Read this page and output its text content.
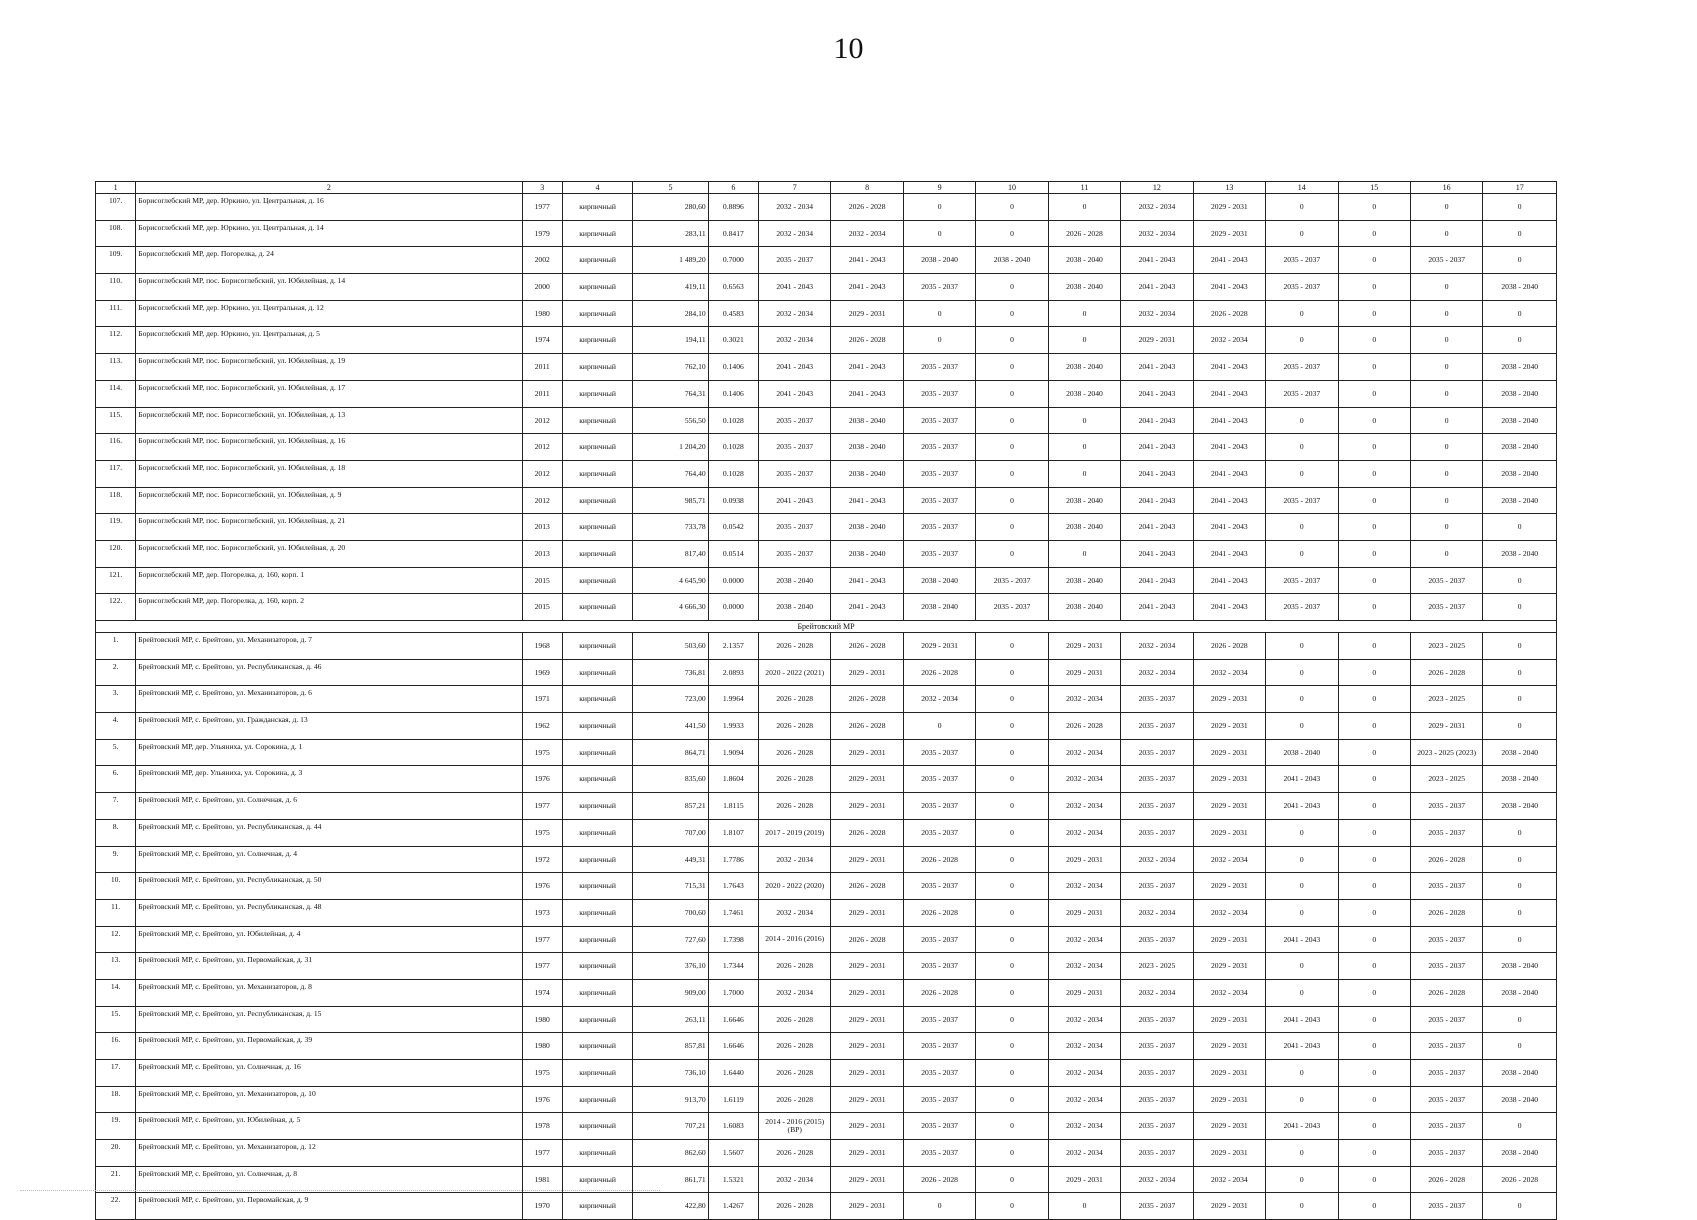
10
1	2	3	4	5	6	7	8	9	10	11	12	13	14	15	16	17
107.	Борисоглебский МР, дер. Юркино, ул. Центральная, д. 16	1977	кирпичный	280,60	0.8896	2032 - 2034	2026 - 2028	0	0	0	2032 - 2034	2029 - 2031	0	0	0	0
108.	Борисоглебский МР, дер. Юркино, ул. Центральная, д. 14	1979	кирпичный	283,11	0.8417	2032 - 2034	2032 - 2034	0	0	2026 - 2028	2032 - 2034	2029 - 2031	0	0	0	0
109.	Борисоглебский МР, дер. Погорелка, д. 24	2002	кирпичный	1 489,20	0.7000	2035 - 2037	2041 - 2043	2038 - 2040	2038 - 2040	2038 - 2040	2041 - 2043	2041 - 2043	2035 - 2037	0	2035 - 2037	0
110.	Борисоглебский МР, пос. Борисоглебский, ул. Юбилейная, д. 14	2000	кирпичный	419,11	0.6563	2041 - 2043	2041 - 2043	2035 - 2037	0	2038 - 2040	2041 - 2043	2041 - 2043	2035 - 2037	0	0	2038 - 2040
111.	Борисоглебский МР, дер. Юркино, ул. Центральная, д. 12	1980	кирпичный	284,10	0.4583	2032 - 2034	2029 - 2031	0	0	0	2032 - 2034	2026 - 2028	0	0	0	0
112.	Борисоглебский МР, дер. Юркино, ул. Центральная, д. 5	1974	кирпичный	194,11	0.3021	2032 - 2034	2026 - 2028	0	0	0	2029 - 2031	2032 - 2034	0	0	0	0
113.	Борисоглебский МР, пос. Борисоглебский, ул. Юбилейная, д. 19	2011	кирпичный	762,10	0.1406	2041 - 2043	2041 - 2043	2035 - 2037	0	2038 - 2040	2041 - 2043	2041 - 2043	2035 - 2037	0	0	2038 - 2040
114.	Борисоглебский МР, пос. Борисоглебский, ул. Юбилейная, д. 17	2011	кирпичный	764,31	0.1406	2041 - 2043	2041 - 2043	2035 - 2037	0	2038 - 2040	2041 - 2043	2041 - 2043	2035 - 2037	0	0	2038 - 2040
115.	Борисоглебский МР, пос. Борисоглебский, ул. Юбилейная, д. 13	2012	кирпичный	556,50	0.1028	2035 - 2037	2038 - 2040	2035 - 2037	0	0	2041 - 2043	2041 - 2043	0	0	0	2038 - 2040
116.	Борисоглебский МР, пос. Борисоглебский, ул. Юбилейная, д. 16	2012	кирпичный	1 204,20	0.1028	2035 - 2037	2038 - 2040	2035 - 2037	0	0	2041 - 2043	2041 - 2043	0	0	0	2038 - 2040
117.	Борисоглебский МР, пос. Борисоглебский, ул. Юбилейная, д. 18	2012	кирпичный	764,40	0.1028	2035 - 2037	2038 - 2040	2035 - 2037	0	0	2041 - 2043	2041 - 2043	0	0	0	2038 - 2040
118.	Борисоглебский МР, пос. Борисоглебский, ул. Юбилейная, д. 9	2012	кирпичный	985,71	0.0938	2041 - 2043	2041 - 2043	2035 - 2037	0	2038 - 2040	2041 - 2043	2041 - 2043	2035 - 2037	0	0	2038 - 2040
119.	Борисоглебский МР, пос. Борисоглебский, ул. Юбилейная, д. 21	2013	кирпичный	733,78	0.0542	2035 - 2037	2038 - 2040	2035 - 2037	0	2038 - 2040	2041 - 2043	2041 - 2043	0	0	0	0
120.	Борисоглебский МР, пос. Борисоглебский, ул. Юбилейная, д. 20	2013	кирпичный	817,40	0.0514	2035 - 2037	2038 - 2040	2035 - 2037	0	0	2041 - 2043	2041 - 2043	0	0	0	2038 - 2040
121.	Борисоглебский МР, дер. Погорелка, д. 160, корп. 1	2015	кирпичный	4 645,90	0.0000	2038 - 2040	2041 - 2043	2038 - 2040	2035 - 2037	2038 - 2040	2041 - 2043	2041 - 2043	2035 - 2037	0	2035 - 2037	0
122.	Борисоглебский МР, дер. Погорелка, д. 160, корп. 2	2015	кирпичный	4 666,30	0.0000	2038 - 2040	2041 - 2043	2038 - 2040	2035 - 2037	2038 - 2040	2041 - 2043	2041 - 2043	2035 - 2037	0	2035 - 2037	0
Брейтовский МР																
1.	Брейтовский МР, с. Брейтово, ул. Механизаторов, д. 7	1968	кирпичный	503,60	2.1357	2026 - 2028	2026 - 2028	2029 - 2031	0	2029 - 2031	2032 - 2034	2026 - 2028	0	0	2023 - 2025	0
2.	Брейтовский МР, с. Брейтово, ул. Республиканская, д. 46	1969	кирпичный	736,81	2.0893	2020 - 2022 (2021)	2029 - 2031	2026 - 2028	0	2029 - 2031	2032 - 2034	2032 - 2034	0	0	2026 - 2028	0
3.	Брейтовский МР, с. Брейтово, ул. Механизаторов, д. 6	1971	кирпичный	723,00	1.9964	2026 - 2028	2026 - 2028	2032 - 2034	0	2032 - 2034	2035 - 2037	2029 - 2031	0	0	2023 - 2025	0
4.	Брейтовский МР, с. Брейтово, ул. Гражданская, д. 13	1962	кирпичный	441,50	1.9933	2026 - 2028	2026 - 2028	0	0	2026 - 2028	2035 - 2037	2029 - 2031	0	0	2029 - 2031	0
5.	Брейтовский МР, дер. Ульяниха, ул. Сорокина, д. 1	1975	кирпичный	864,71	1.9094	2026 - 2028	2029 - 2031	2035 - 2037	0	2032 - 2034	2035 - 2037	2029 - 2031	2038 - 2040	0	2023 - 2025 (2023)	2038 - 2040
6.	Брейтовский МР, дер. Ульяниха, ул. Сорокина, д. 3	1976	кирпичный	835,60	1.8604	2026 - 2028	2029 - 2031	2035 - 2037	0	2032 - 2034	2035 - 2037	2029 - 2031	2041 - 2043	0	2023 - 2025	2038 - 2040
7.	Брейтовский МР, с. Брейтово, ул. Солнечная, д. 6	1977	кирпичный	857,21	1.8115	2026 - 2028	2029 - 2031	2035 - 2037	0	2032 - 2034	2035 - 2037	2029 - 2031	2041 - 2043	0	2035 - 2037	2038 - 2040
8.	Брейтовский МР, с. Брейтово, ул. Республиканская, д. 44	1975	кирпичный	707,00	1.8107	2017 - 2019 (2019)	2026 - 2028	2035 - 2037	0	2032 - 2034	2035 - 2037	2029 - 2031	0	0	2035 - 2037	0
9.	Брейтовский МР, с. Брейтово, ул. Солнечная, д. 4	1972	кирпичный	449,31	1.7786	2032 - 2034	2029 - 2031	2026 - 2028	0	2029 - 2031	2032 - 2034	2032 - 2034	0	0	2026 - 2028	0
10.	Брейтовский МР, с. Брейтово, ул. Республиканская, д. 50	1976	кирпичный	715,31	1.7643	2020 - 2022 (2020)	2026 - 2028	2035 - 2037	0	2032 - 2034	2035 - 2037	2029 - 2031	0	0	2035 - 2037	0
11.	Брейтовский МР, с. Брейтово, ул. Республиканская, д. 48	1973	кирпичный	700,60	1.7461	2032 - 2034	2029 - 2031	2026 - 2028	0	2029 - 2031	2032 - 2034	2032 - 2034	0	0	2026 - 2028	0
12.	Брейтовский МР, с. Брейтово, ул. Юбилейная, д. 4	1977	кирпичный	727,60	1.7398	2014 - 2016 (2016)	2026 - 2028	2035 - 2037	0	2032 - 2034	2035 - 2037	2029 - 2031	2041 - 2043	0	2035 - 2037	0
13.	Брейтовский МР, с. Брейтово, ул. Первомайская, д. 31	1977	кирпичный	376,10	1.7344	2026 - 2028	2029 - 2031	2035 - 2037	0	2032 - 2034	2023 - 2025	2029 - 2031	0	0	2035 - 2037	2038 - 2040
14.	Брейтовский МР, с. Брейтово, ул. Механизаторов, д. 8	1974	кирпичный	909,00	1.7000	2032 - 2034	2029 - 2031	2026 - 2028	0	2029 - 2031	2032 - 2034	2032 - 2034	0	0	2026 - 2028	2038 - 2040
15.	Брейтовский МР, с. Брейтово, ул. Республиканская, д. 15	1980	кирпичный	263,11	1.6646	2026 - 2028	2029 - 2031	2035 - 2037	0	2032 - 2034	2035 - 2037	2029 - 2031	2041 - 2043	0	2035 - 2037	0
16.	Брейтовский МР, с. Брейтово, ул. Первомайская, д. 39	1980	кирпичный	857,81	1.6646	2026 - 2028	2029 - 2031	2035 - 2037	0	2032 - 2034	2035 - 2037	2029 - 2031	2041 - 2043	0	2035 - 2037	0
17.	Брейтовский МР, с. Брейтово, ул. Солнечная, д. 16	1975	кирпичный	736,10	1.6440	2026 - 2028	2029 - 2031	2035 - 2037	0	2032 - 2034	2035 - 2037	2029 - 2031	0	0	2035 - 2037	2038 - 2040
18.	Брейтовский МР, с. Брейтово, ул. Механизаторов, д. 10	1976	кирпичный	913,70	1.6119	2026 - 2028	2029 - 2031	2035 - 2037	0	2032 - 2034	2035 - 2037	2029 - 2031	0	0	2035 - 2037	2038 - 2040
19.	Брейтовский МР, с. Брейтово, ул. Юбилейная, д. 5	1978	кирпичный	707,21	1.6083	2014 - 2016 (2015) (ВР)	2029 - 2031	2035 - 2037	0	2032 - 2034	2035 - 2037	2029 - 2031	2041 - 2043	0	2035 - 2037	0
20.	Брейтовский МР, с. Брейтово, ул. Механизаторов, д. 12	1977	кирпичный	862,60	1.5607	2026 - 2028	2029 - 2031	2035 - 2037	0	2032 - 2034	2035 - 2037	2029 - 2031	0	0	2035 - 2037	2038 - 2040
21.	Брейтовский МР, с. Брейтово, ул. Солнечная, д. 8	1981	кирпичный	861,71	1.5321	2032 - 2034	2029 - 2031	2026 - 2028	0	2029 - 2031	2032 - 2034	2032 - 2034	0	0	2026 - 2028	2026 - 2028
22.	Брейтовский МР, с. Брейтово, ул. Первомайская, д. 9	1970	кирпичный	422,80	1.4267	2026 - 2028	2029 - 2031	0	0	0	2035 - 2037	2029 - 2031	0	0	2035 - 2037	0
